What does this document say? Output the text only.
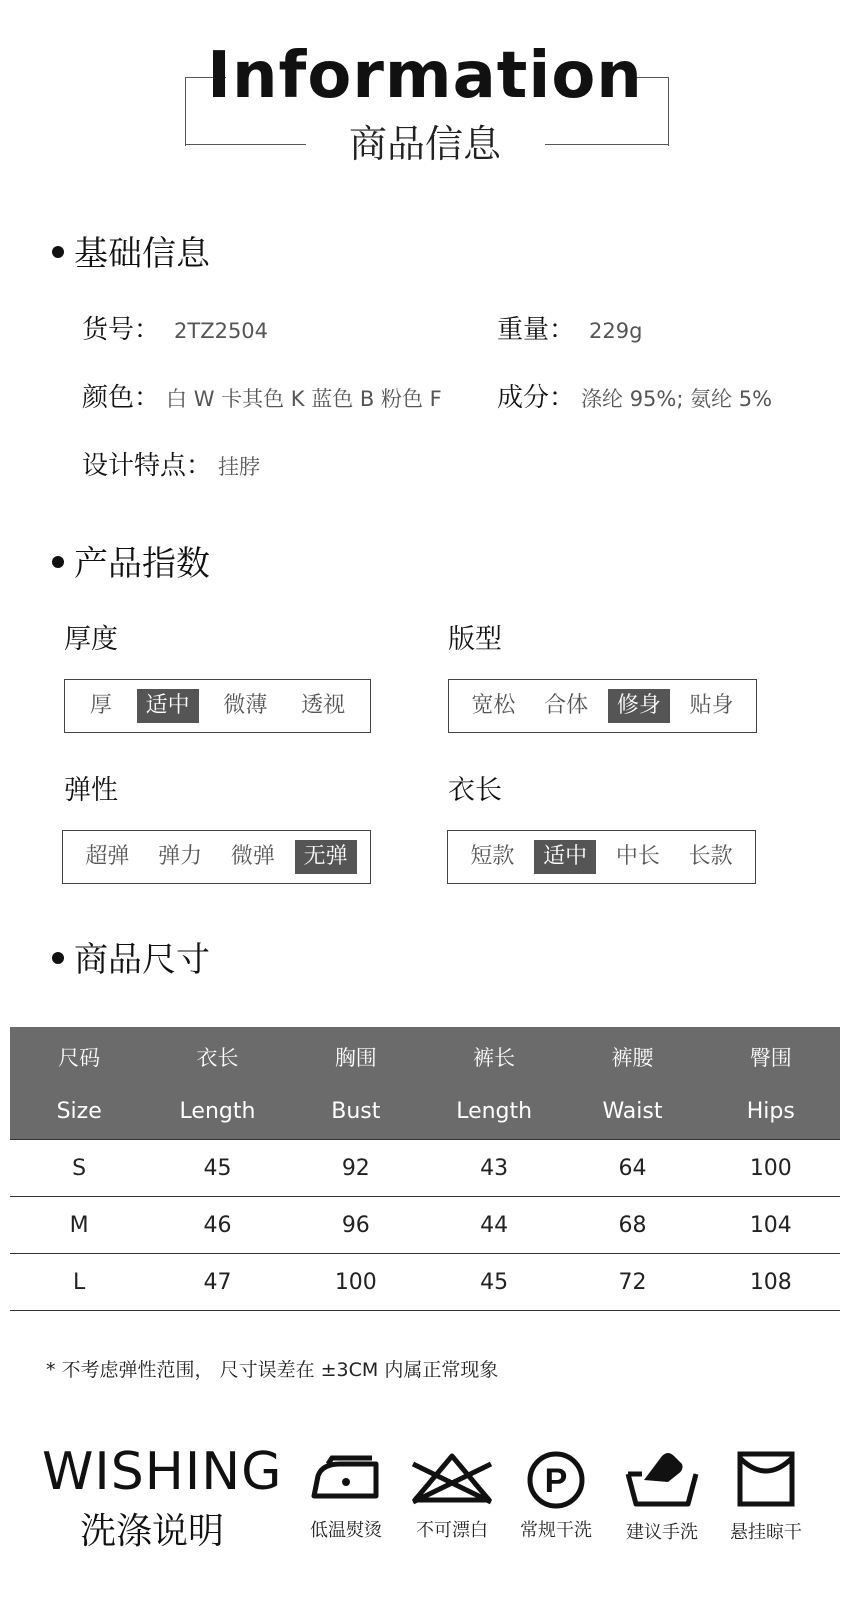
Information
商品信息
基础信息
货号： 2TZ2504	重量： 229g
颜色： 白 W 卡其色 K 蓝色 B 粉色 F 成分： 涤纶 95%; 氨纶 5%
设计特点： 挂脖
产品指数
厚度
厚	适中	微薄	透视
版型
宽松	合体	修身	贴身
弹性
超弹	弹力	微弹	无弹
衣长
短款	适中	中长	长款
商品尺寸
尺码	衣长	胸围	裤长	裤腰	臀围
Size	Length	Bust	Length	Waist	Hips
S	45	92	43	64	100
M	46	96	44	68	104
L	47	100	45	72	108
* 不考虑弹性范围， 尺寸误差在 ±3CM 内属正常现象
WISHING
洗涤说明	低温熨烫	不可漂白
P
常规干洗	建议手洗	悬挂晾干
